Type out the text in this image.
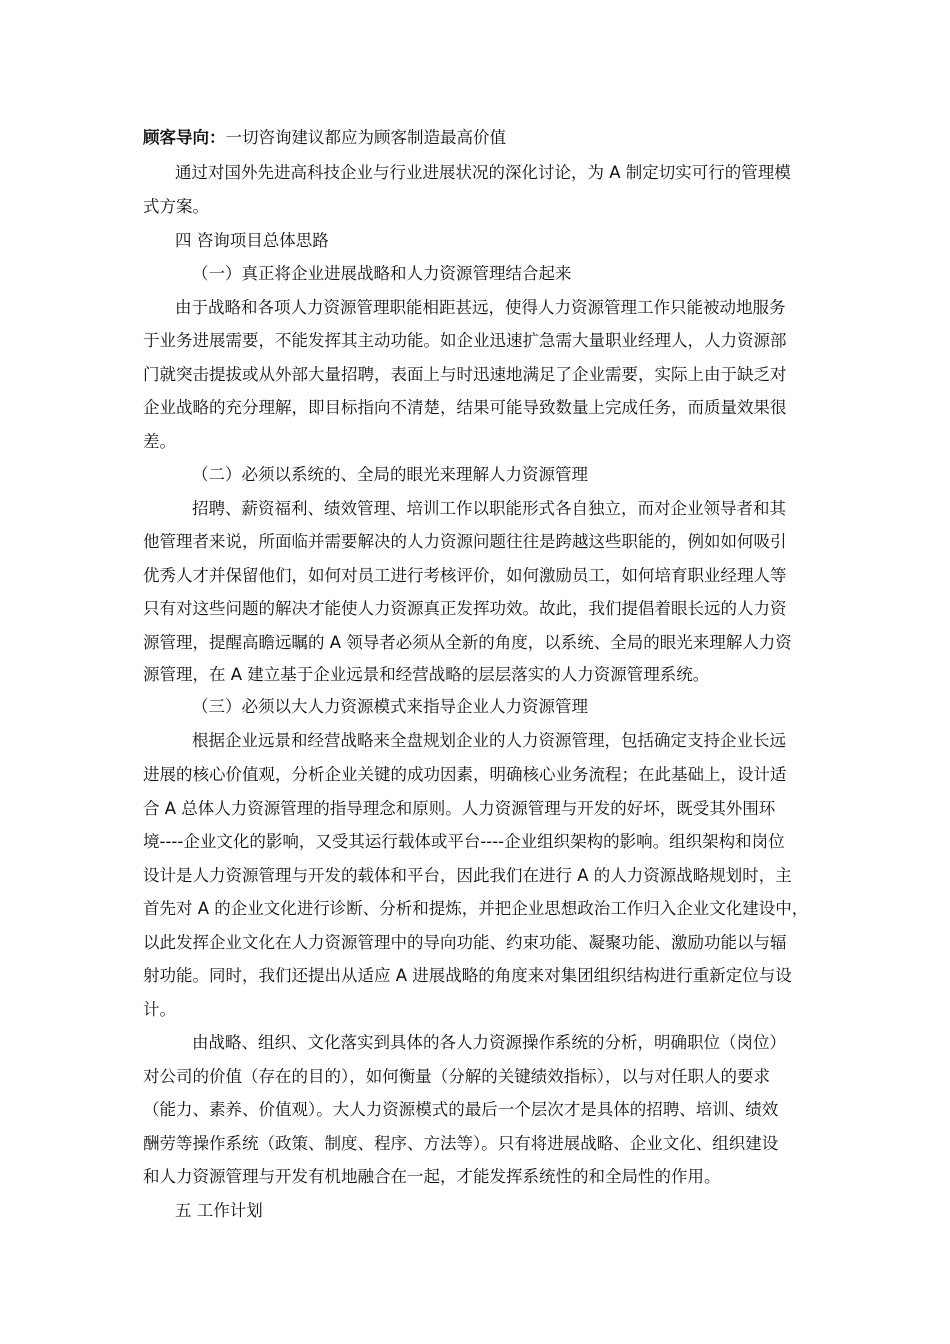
顾客导向：一切咨询建议都应为顾客制造最高价值
通过对国外先进高科技企业与行业进展状况的深化讨论，为 A 制定切实可行的管理模
式方案。
四 咨询项目总体思路
（一）真正将企业进展战略和人力资源管理结合起来
由于战略和各项人力资源管理职能相距甚远，使得人力资源管理工作只能被动地服务
于业务进展需要，不能发挥其主动功能。如企业迅速扩急需大量职业经理人，人力资源部
门就突击提拔或从外部大量招聘，表面上与时迅速地满足了企业需要，实际上由于缺乏对
企业战略的充分理解，即目标指向不清楚，结果可能导致数量上完成任务，而质量效果很
差。
（二）必须以系统的、全局的眼光来理解人力资源管理
招聘、薪资福利、绩效管理、培训工作以职能形式各自独立，而对企业领导者和其
他管理者来说，所面临并需要解决的人力资源问题往往是跨越这些职能的，例如如何吸引
优秀人才并保留他们，如何对员工进行考核评价，如何激励员工，如何培育职业经理人等
只有对这些问题的解决才能使人力资源真正发挥功效。故此，我们提倡着眼长远的人力资
源管理，提醒高瞻远瞩的 A 领导者必须从全新的角度，以系统、全局的眼光来理解人力资
源管理，在 A 建立基于企业远景和经营战略的层层落实的人力资源管理系统。
（三）必须以大人力资源模式来指导企业人力资源管理
根据企业远景和经营战略来全盘规划企业的人力资源管理，包括确定支持企业长远
进展的核心价值观，分析企业关键的成功因素，明确核心业务流程；在此基础上，设计适
合 A 总体人力资源管理的指导理念和原则。人力资源管理与开发的好坏，既受其外围环
境----企业文化的影响，又受其运行载体或平台----企业组织架构的影响。组织架构和岗位
设计是人力资源管理与开发的载体和平台，因此我们在进行 A 的人力资源战略规划时，主
首先对 A 的企业文化进行诊断、分析和提炼，并把企业思想政治工作归入企业文化建设中，
以此发挥企业文化在人力资源管理中的导向功能、约束功能、凝聚功能、激励功能以与辐
射功能。同时，我们还提出从适应 A 进展战略的角度来对集团组织结构进行重新定位与设
计。
由战略、组织、文化落实到具体的各人力资源操作系统的分析，明确职位（岗位）
对公司的价值（存在的目的），如何衡量（分解的关键绩效指标），以与对任职人的要求
（能力、素养、价值观）。大人力资源模式的最后一个层次才是具体的招聘、培训、绩效
酬劳等操作系统（政策、制度、程序、方法等）。只有将进展战略、企业文化、组织建设
和人力资源管理与开发有机地融合在一起，才能发挥系统性的和全局性的作用。
五 工作计划
